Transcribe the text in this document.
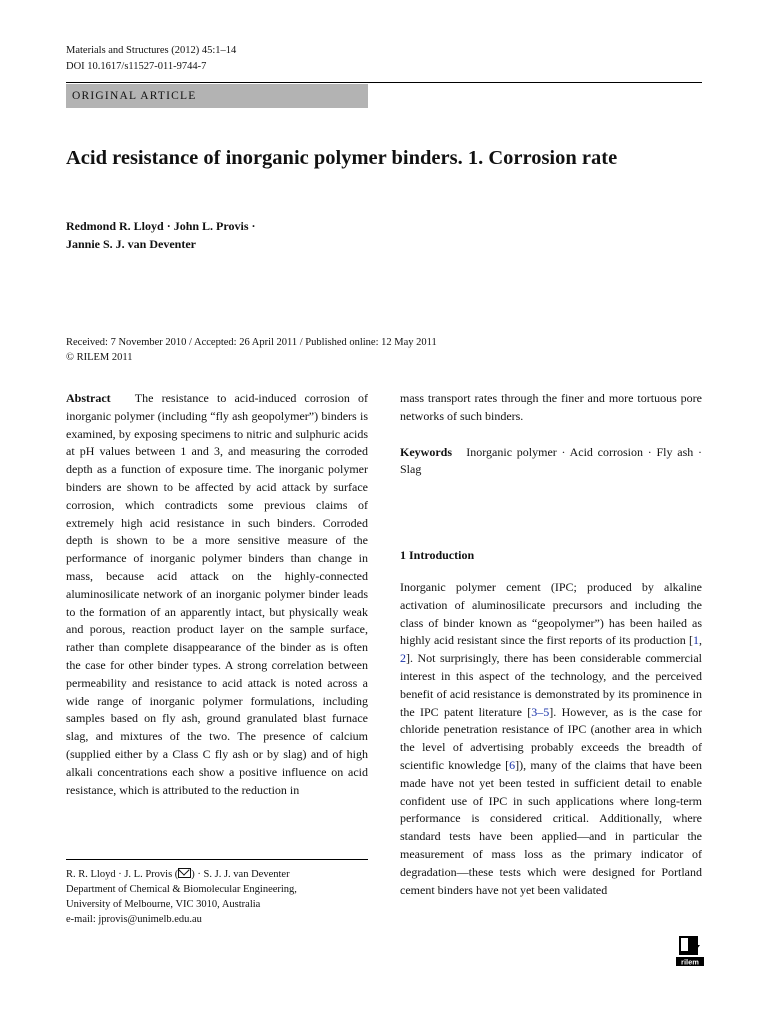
Materials and Structures (2012) 45:1–14
DOI 10.1617/s11527-011-9744-7
ORIGINAL ARTICLE
Acid resistance of inorganic polymer binders. 1. Corrosion rate
Redmond R. Lloyd · John L. Provis ·
Jannie S. J. van Deventer
Received: 7 November 2010 / Accepted: 26 April 2011 / Published online: 12 May 2011
© RILEM 2011

Abstract The resistance to acid-induced corrosion of inorganic polymer (including “fly ash geopolymer”) binders is examined, by exposing specimens to nitric and sulphuric acids at pH values between 1 and 3, and measuring the corroded depth as a function of exposure time. The inorganic polymer binders are shown to be affected by acid attack by surface corrosion, which contradicts some previous claims of extremely high acid resistance in such binders. Corroded depth is shown to be a more sensitive measure of the performance of inorganic polymer binders than change in mass, because acid attack on the highly-connected aluminosilicate network of an inorganic polymer binder leads to the formation of an apparently intact, but physically weak and porous, reaction product layer on the sample surface, rather than complete disappearance of the binder as is often the case for other binder types. A strong correlation between permeability and resistance to acid attack is noted across a wide range of inorganic polymer formulations, including samples based on fly ash, ground granulated blast furnace slag, and mixtures of the two. The presence of calcium (supplied either by a Class C fly ash or by slag) and of high alkali concentrations each show a positive influence on acid resistance, which is attributed to the reduction in

mass transport rates through the finer and more tortuous pore networks of such binders.

Keywords Inorganic polymer · Acid corrosion · Fly ash · Slag

1 Introduction

Inorganic polymer cement (IPC; produced by alkaline activation of aluminosilicate precursors and including the class of binder known as “geopolymer”) has been hailed as highly acid resistant since the first reports of its production [1, 2]. Not surprisingly, there has been considerable commercial interest in this aspect of the technology, and the perceived benefit of acid resistance is demonstrated by its prominence in the IPC patent literature [3–5]. However, as is the case for chloride penetration resistance of IPC (another area in which the level of advertising probably exceeds the breadth of scientific knowledge [6]), many of the claims that have been made have not yet been tested in sufficient detail to enable confident use of IPC in such applications where long-term performance is considered critical. Additionally, where standard tests have been applied—and in particular the measurement of mass loss as the primary indicator of degradation—these tests which were designed for Portland cement binders have not yet been validated

R. R. Lloyd · J. L. Provis ( ) · S. J. J. van Deventer
Department of Chemical & Biomolecular Engineering,
University of Melbourne, VIC 3010, Australia
e-mail: jprovis@unimelb.edu.au
rilem
